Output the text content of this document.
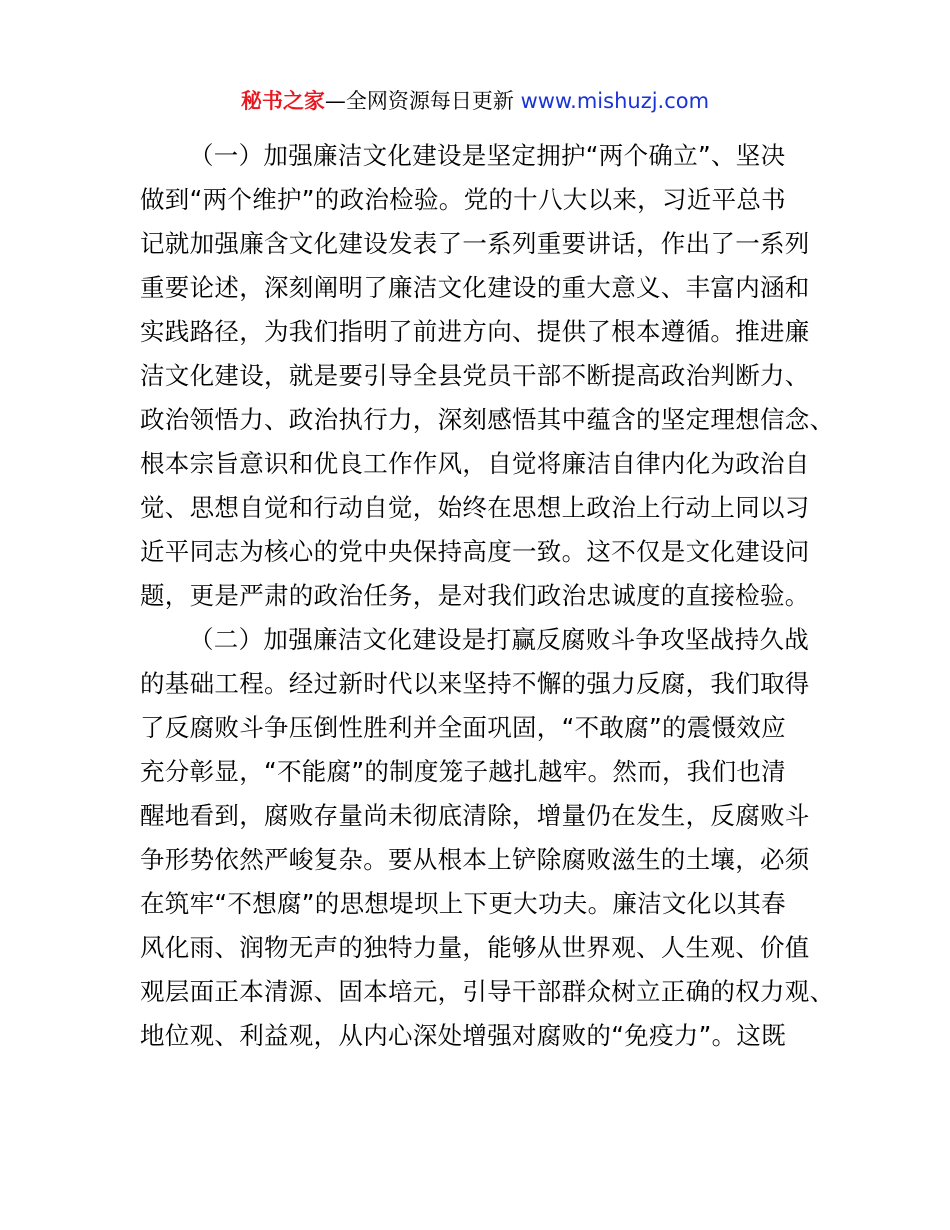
秘书之家—全网资源每日更新 www.mishuzj.com
（一）加强廉洁文化建设是坚定拥护“两个确立”、坚决
做到“两个维护”的政治检验。党的十八大以来，习近平总书
记就加强廉含文化建设发表了一系列重要讲话，作出了一系列
重要论述，深刻阐明了廉洁文化建设的重大意义、丰富内涵和
实践路径，为我们指明了前进方向、提供了根本遵循。推进廉
洁文化建设，就是要引导全县党员干部不断提高政治判断力、
政治领悟力、政治执行力，深刻感悟其中蕴含的坚定理想信念、
根本宗旨意识和优良工作作风，自觉将廉洁自律内化为政治自
觉、思想自觉和行动自觉，始终在思想上政治上行动上同以习
近平同志为核心的党中央保持高度一致。这不仅是文化建设问
题，更是严肃的政治任务，是对我们政治忠诚度的直接检验。
（二）加强廉洁文化建设是打赢反腐败斗争攻坚战持久战
的基础工程。经过新时代以来坚持不懈的强力反腐，我们取得
了反腐败斗争压倒性胜利并全面巩固，“不敢腐”的震慑效应
充分彰显，“不能腐”的制度笼子越扎越牢。然而，我们也清
醒地看到，腐败存量尚未彻底清除，增量仍在发生，反腐败斗
争形势依然严峻复杂。要从根本上铲除腐败滋生的土壤，必须
在筑牢“不想腐”的思想堤坝上下更大功夫。廉洁文化以其春
风化雨、润物无声的独特力量，能够从世界观、人生观、价值
观层面正本清源、固本培元，引导干部群众树立正确的权力观、
地位观、利益观，从内心深处增强对腐败的“免疫力”。这既
